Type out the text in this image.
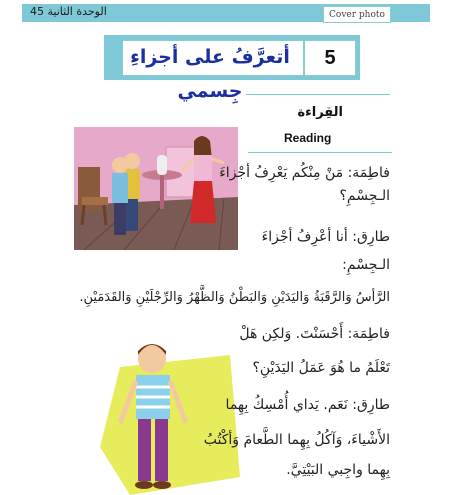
الوحدة الثانية 45	Cover photo
أتعرَّفُ على أجزاءِ جِسمي
5
القِراءة
Reading
فاطِمَة: مَنْ مِنْكُم يَعْرِفُ أجْزاءَ
الـجِسْمِ؟
طارِق: أنا أعْرِفُ أجْزاءَ
الـجِسْمِ:
الرَّأسُ وَالرَّقَبَةُ وَاليَدَيْنِ وَالبَطْنُ وَالظَّهْرُ وَالرِّجْلَيْنِ وَالقَدَمَيْنِ.
فاطِمَة: أَحْسَنْتَ. وَلكِن هَلْ
تَعْلَمُ ما هُوَ عَمَلُ اليَدَيْنِ؟
طارِق: نَعَم. يَداي أُمْسِكُ بِهِما
الأَشْياءَ، وَآكُلُ بِهِما الطَّعامَ وَأكْتُبُ
بِهِما واجِبي البَيْتِيَّ.
